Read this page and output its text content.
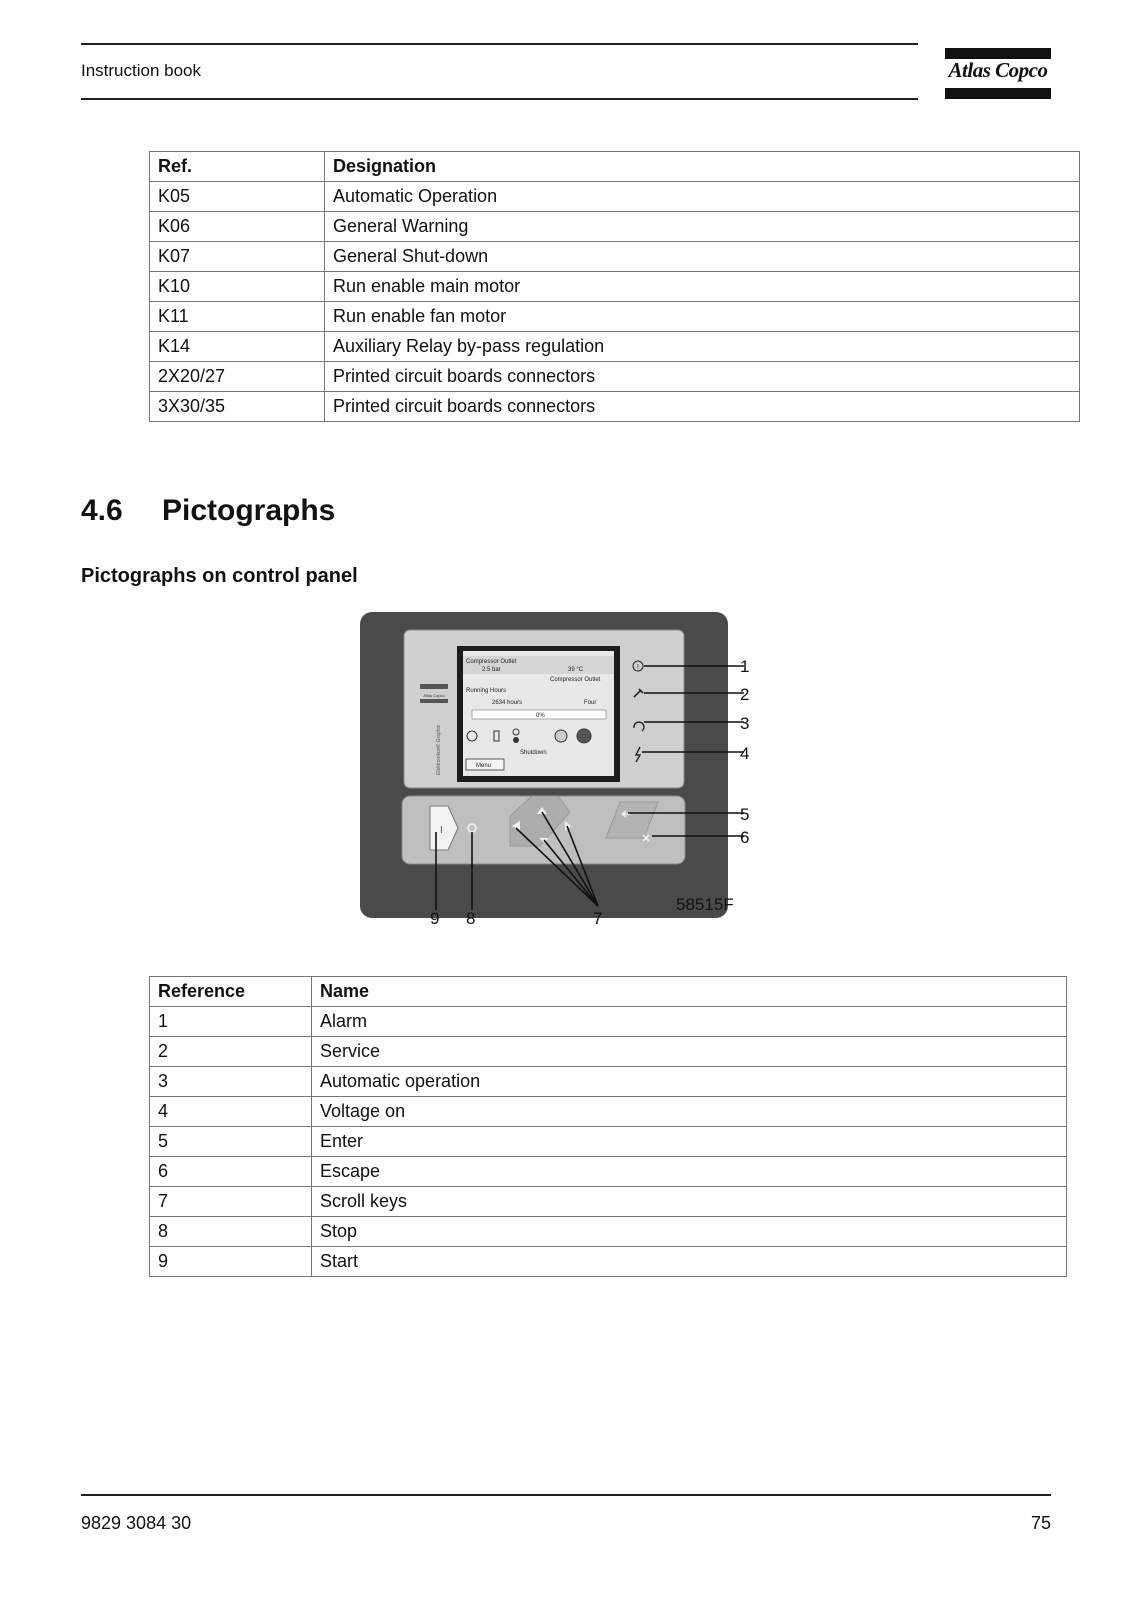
Instruction book	Atlas Copco
Ref.	Designation
K05	Automatic Operation
K06	General Warning
K07	General Shut-down
K10	Run enable main motor
K11	Run enable fan motor
K14	Auxiliary Relay by-pass regulation
2X20/27	Printed circuit boards connectors
3X30/35	Printed circuit boards connectors
4.6 Pictographs
Pictographs on control panel
Atlas Copco
Elektronikon® Graphic
Compressor Outlet
2.5 bar	39 °C
Compressor Outlet
Running Hours
2634 hours	Four
0%
Shutdown
Menu
!
I
1
2
3
4
5
6
7
8
9
58515F
Reference	Name
1	Alarm
2	Service
3	Automatic operation
4	Voltage on
5	Enter
6	Escape
7	Scroll keys
8	Stop
9	Start
9829 3084 30	75
